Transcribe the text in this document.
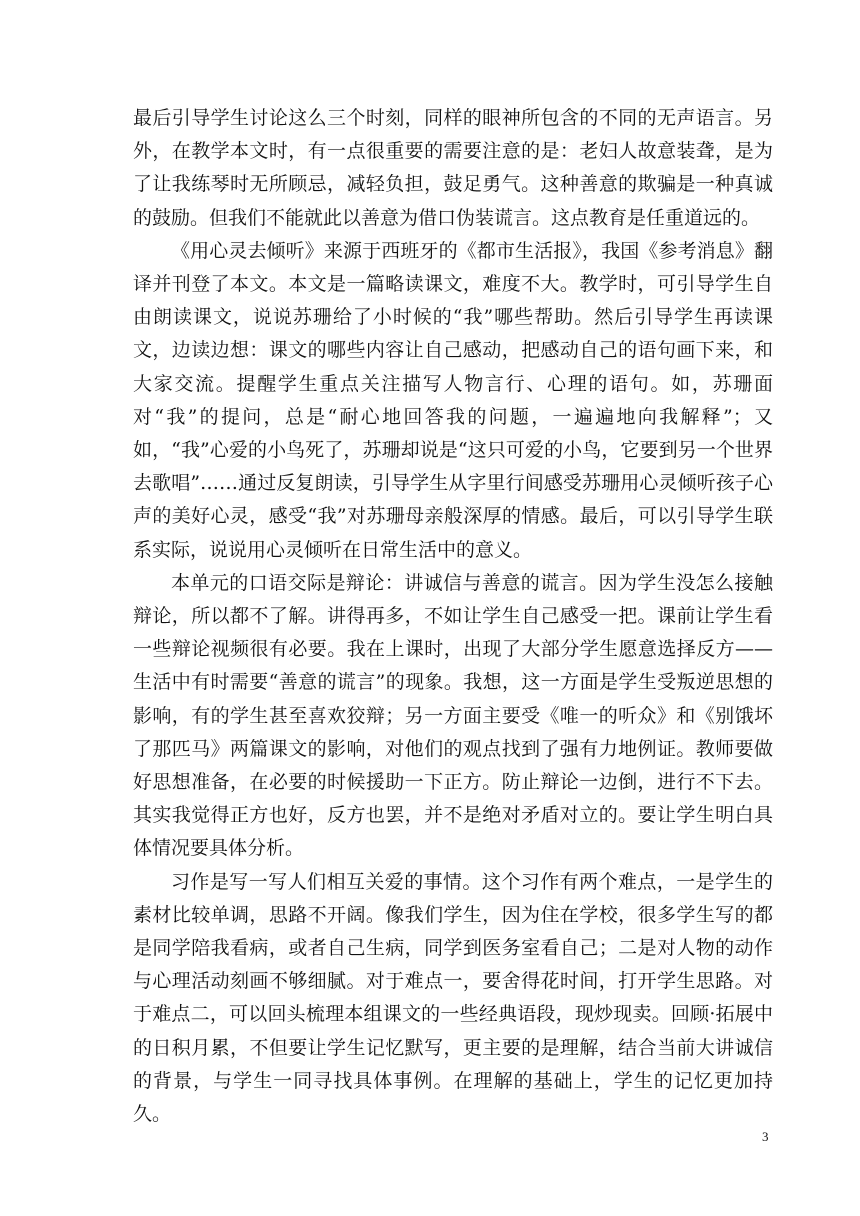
最后引导学生讨论这么三个时刻，同样的眼神所包含的不同的无声语言。另外，在教学本文时，有一点很重要的需要注意的是：老妇人故意装聋，是为了让我练琴时无所顾忌，减轻负担，鼓足勇气。这种善意的欺骗是一种真诚的鼓励。但我们不能就此以善意为借口伪装谎言。这点教育是任重道远的。

《用心灵去倾听》来源于西班牙的《都市生活报》，我国《参考消息》翻译并刊登了本文。本文是一篇略读课文，难度不大。教学时，可引导学生自由朗读课文，说说苏珊给了小时候的“我”哪些帮助。然后引导学生再读课文，边读边想：课文的哪些内容让自己感动，把感动自己的语句画下来，和大家交流。提醒学生重点关注描写人物言行、心理的语句。如，苏珊面对“我”的提问，总是“耐心地回答我的问题，一遍遍地向我解释”；又如，“我”心爱的小鸟死了，苏珊却说是“这只可爱的小鸟，它要到另一个世界去歌唱”……通过反复朗读，引导学生从字里行间感受苏珊用心灵倾听孩子心声的美好心灵，感受“我”对苏珊母亲般深厚的情感。最后，可以引导学生联系实际，说说用心灵倾听在日常生活中的意义。

本单元的口语交际是辩论：讲诚信与善意的谎言。因为学生没怎么接触辩论，所以都不了解。讲得再多，不如让学生自己感受一把。课前让学生看一些辩论视频很有必要。我在上课时，出现了大部分学生愿意选择反方——生活中有时需要“善意的谎言”的现象。我想，这一方面是学生受叛逆思想的影响，有的学生甚至喜欢狡辩；另一方面主要受《唯一的听众》和《别饿坏了那匹马》两篇课文的影响，对他们的观点找到了强有力地例证。教师要做好思想准备，在必要的时候援助一下正方。防止辩论一边倒，进行不下去。其实我觉得正方也好，反方也罢，并不是绝对矛盾对立的。要让学生明白具体情况要具体分析。

习作是写一写人们相互关爱的事情。这个习作有两个难点，一是学生的素材比较单调，思路不开阔。像我们学生，因为住在学校，很多学生写的都是同学陪我看病，或者自己生病，同学到医务室看自己；二是对人物的动作与心理活动刻画不够细腻。对于难点一，要舍得花时间，打开学生思路。对于难点二，可以回头梳理本组课文的一些经典语段，现炒现卖。回顾·拓展中的日积月累，不但要让学生记忆默写，更主要的是理解，结合当前大讲诚信的背景，与学生一同寻找具体事例。在理解的基础上，学生的记忆更加持久。

3
